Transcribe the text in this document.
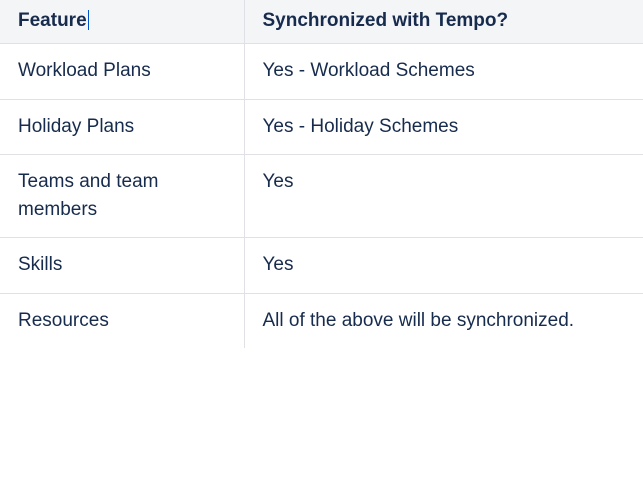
Feature	Synchronized with Tempo?
Workload Plans	Yes - Workload Schemes
Holiday Plans	Yes - Holiday Schemes
Teams and team members	Yes
Skills	Yes
Resources	All of the above will be synchronized.
